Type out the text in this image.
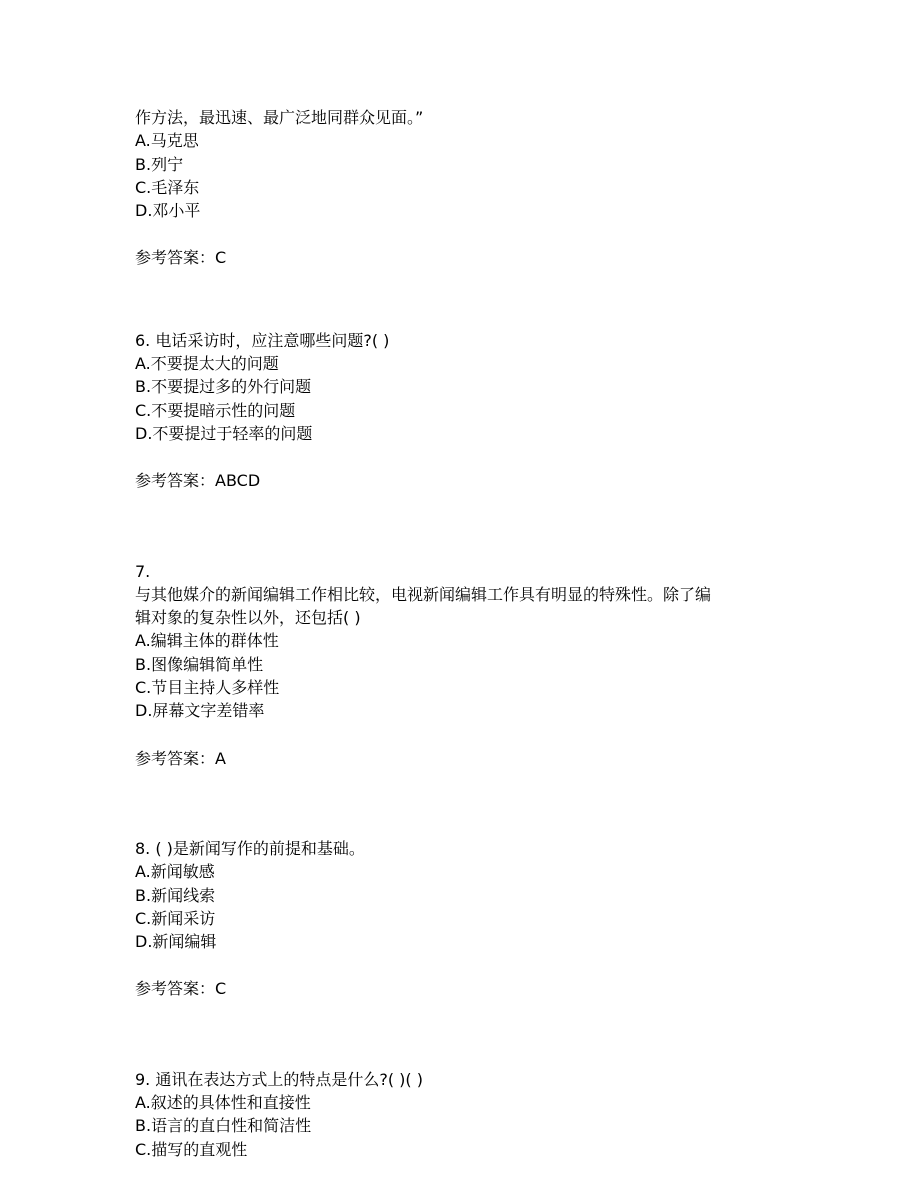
作方法，最迅速、最广泛地同群众见面。”
A.马克思
B.列宁
C.毛泽东
D.邓小平
参考答案：C
6. 电话采访时，应注意哪些问题?( )
A.不要提太大的问题
B.不要提过多的外行问题
C.不要提暗示性的问题
D.不要提过于轻率的问题
参考答案：ABCD
7.
与其他媒介的新闻编辑工作相比较，电视新闻编辑工作具有明显的特殊性。除了编
辑对象的复杂性以外，还包括( )
A.编辑主体的群体性
B.图像编辑简单性
C.节目主持人多样性
D.屏幕文字差错率
参考答案：A
8. ( )是新闻写作的前提和基础。
A.新闻敏感
B.新闻线索
C.新闻采访
D.新闻编辑
参考答案：C
9. 通讯在表达方式上的特点是什么?( )( )
A.叙述的具体性和直接性
B.语言的直白性和简洁性
C.描写的直观性
